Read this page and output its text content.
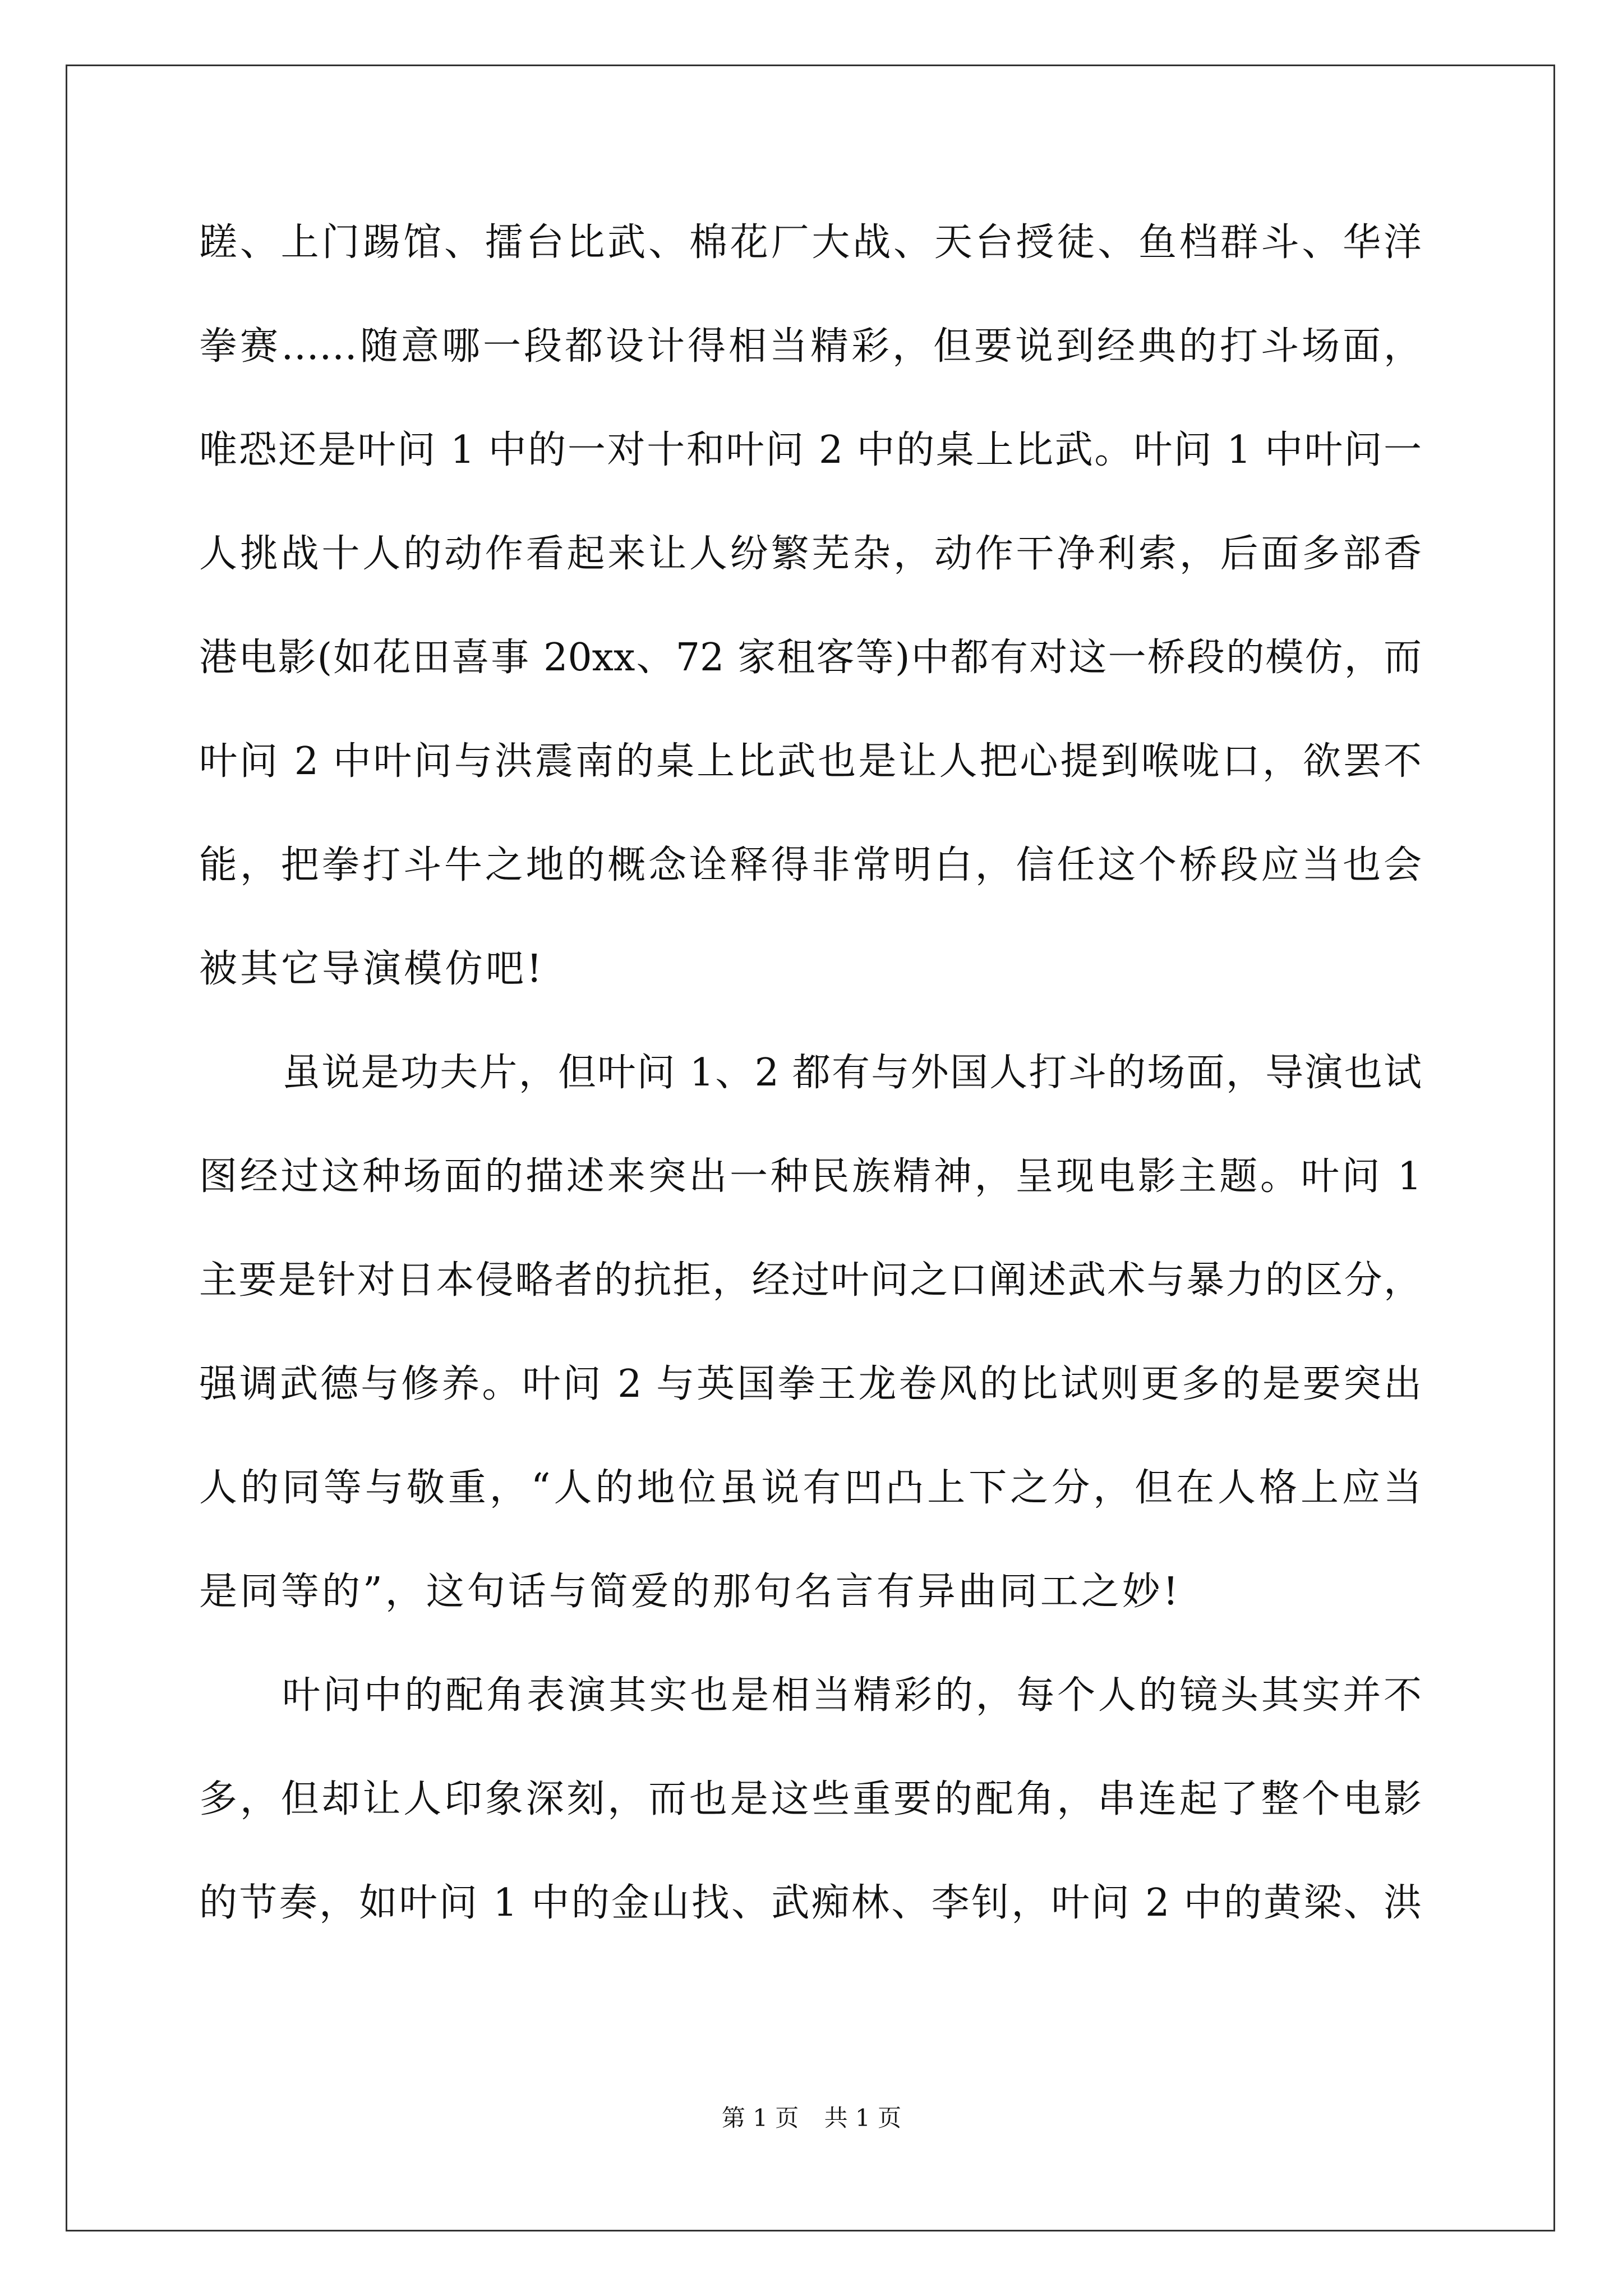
蹉、上门踢馆、擂台比武、棉花厂大战、天台授徒、鱼档群斗、华洋
拳赛……随意哪一段都设计得相当精彩，但要说到经典的打斗场面，
唯恐还是叶问 1 中的一对十和叶问 2 中的桌上比武。叶问 1 中叶问一
人挑战十人的动作看起来让人纷繁芜杂，动作干净利索，后面多部香
港电影(如花田喜事 20xx、72 家租客等)中都有对这一桥段的模仿，而
叶问 2 中叶问与洪震南的桌上比武也是让人把心提到喉咙口，欲罢不
能，把拳打斗牛之地的概念诠释得非常明白，信任这个桥段应当也会
被其它导演模仿吧!
虽说是功夫片，但叶问 1、2 都有与外国人打斗的场面，导演也试
图经过这种场面的描述来突出一种民族精神，呈现电影主题。叶问 1
主要是针对日本侵略者的抗拒，经过叶问之口阐述武术与暴力的区分，
强调武德与修养。叶问 2 与英国拳王龙卷风的比试则更多的是要突出
人的同等与敬重，“人的地位虽说有凹凸上下之分，但在人格上应当
是同等的”，这句话与简爱的那句名言有异曲同工之妙!
叶问中的配角表演其实也是相当精彩的，每个人的镜头其实并不
多，但却让人印象深刻，而也是这些重要的配角，串连起了整个电影
的节奏，如叶问 1 中的金山找、武痴林、李钊，叶问 2 中的黄梁、洪
第 1 页 共 1 页
